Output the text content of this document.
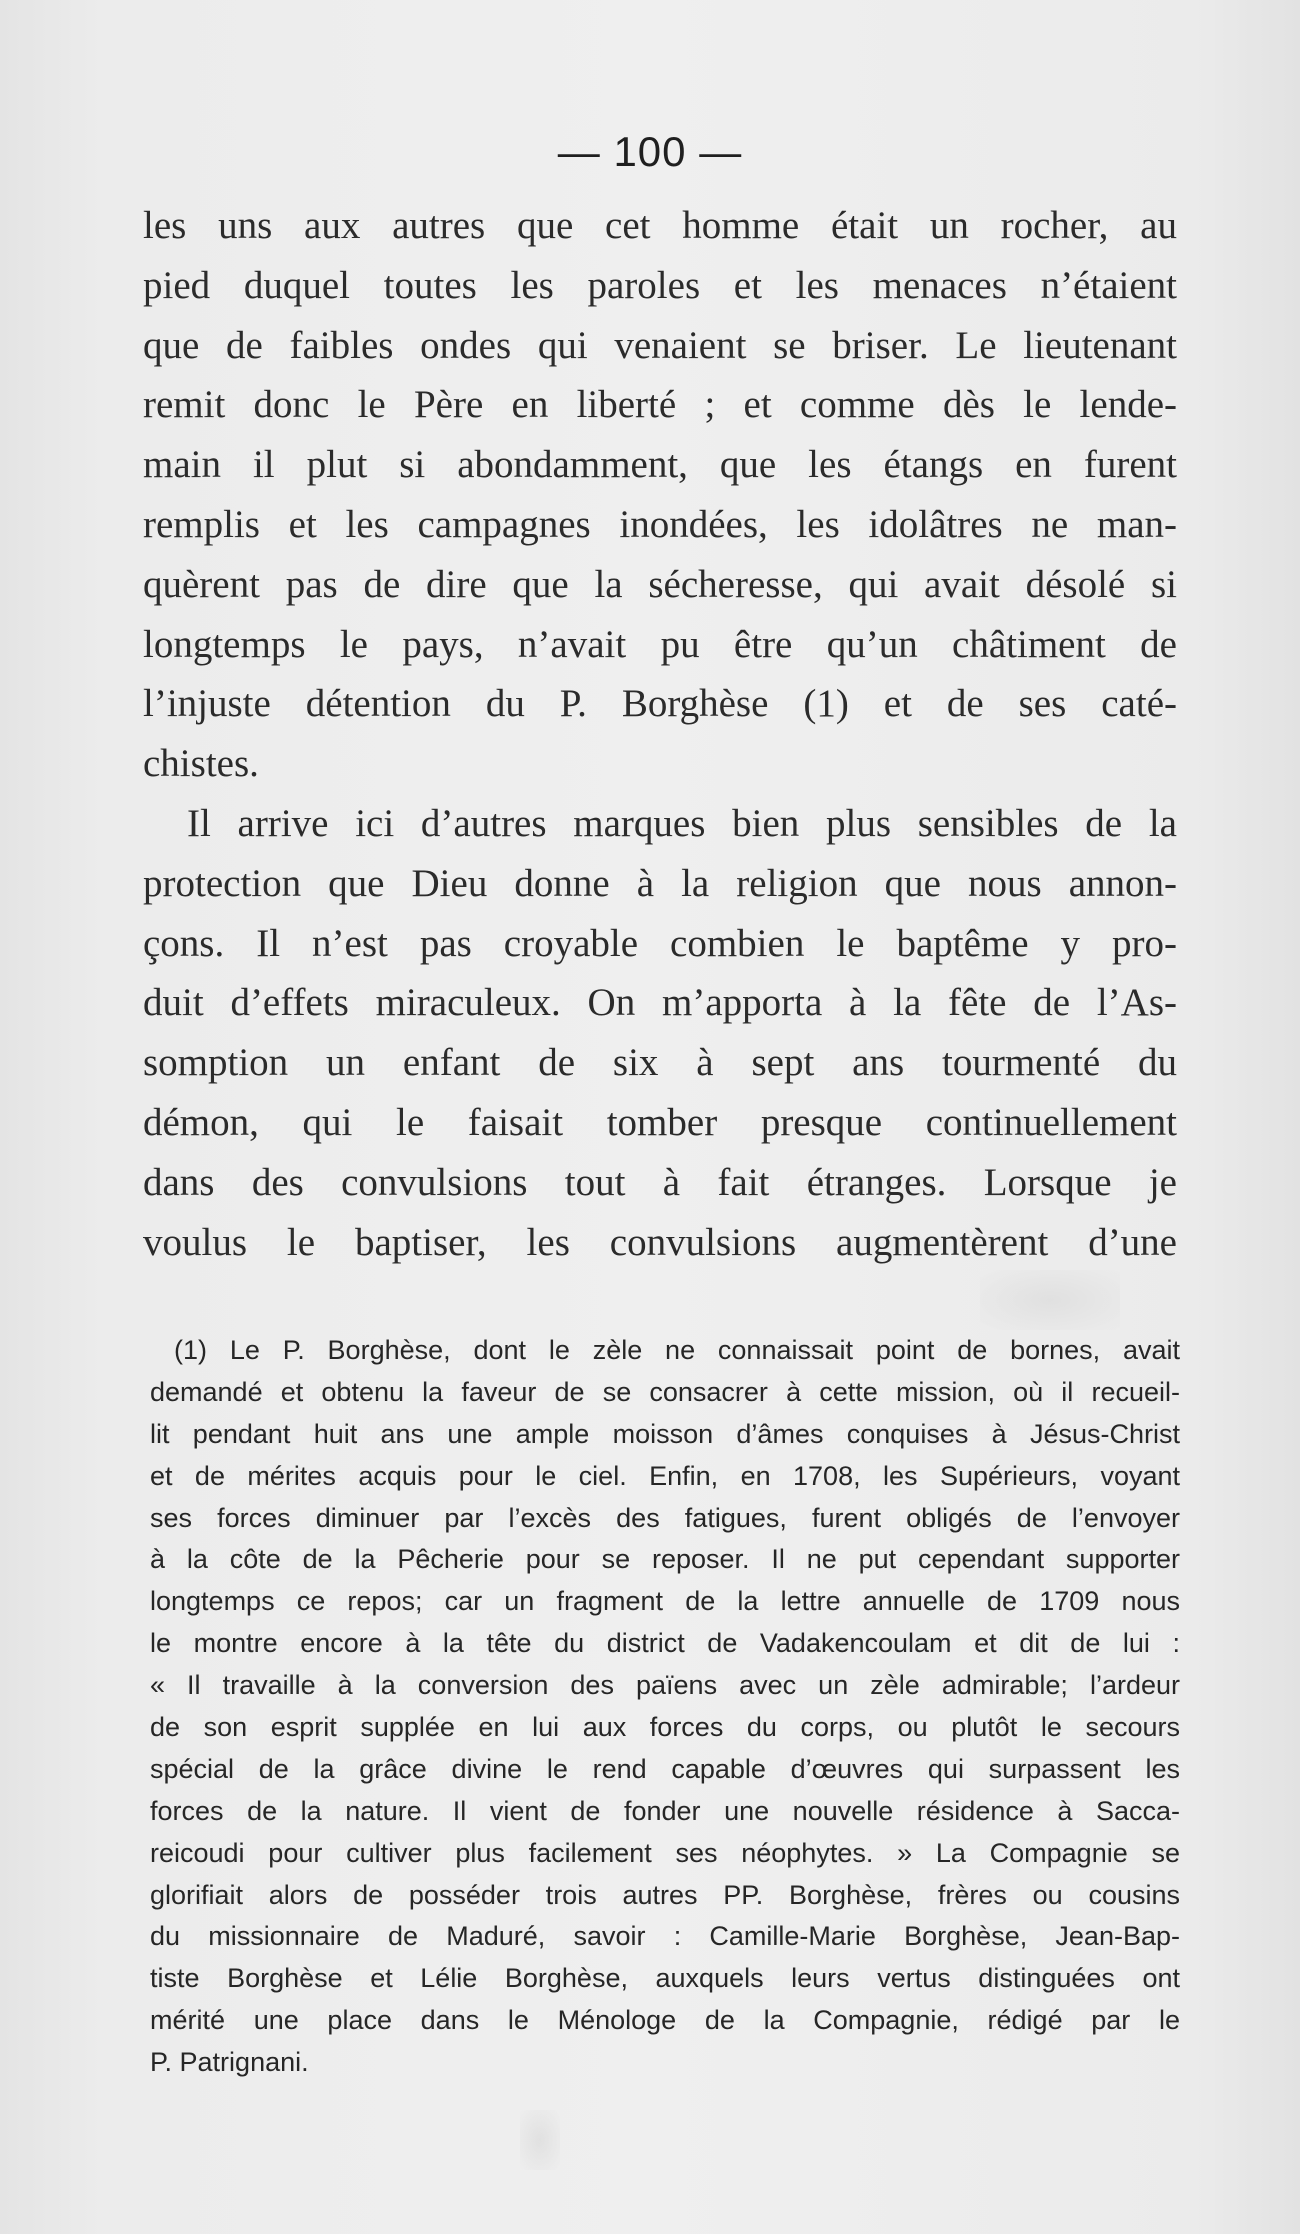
— 100 —
les uns aux autres que cet homme était un rocher, au
pied duquel toutes les paroles et les menaces n’étaient
que de faibles ondes qui venaient se briser. Le lieutenant
remit donc le Père en liberté ; et comme dès le lende-
main il plut si abondamment, que les étangs en furent
remplis et les campagnes inondées, les idolâtres ne man-
quèrent pas de dire que la sécheresse, qui avait désolé si
longtemps le pays, n’avait pu être qu’un châtiment de
l’injuste détention du P. Borghèse (1) et de ses caté-
chistes.
Il arrive ici d’autres marques bien plus sensibles de la
protection que Dieu donne à la religion que nous annon-
çons. Il n’est pas croyable combien le baptême y pro-
duit d’effets miraculeux. On m’apporta à la fête de l’As-
somption un enfant de six à sept ans tourmenté du
démon, qui le faisait tomber presque continuellement
dans des convulsions tout à fait étranges. Lorsque je
voulus le baptiser, les convulsions augmentèrent d’une
(1) Le P. Borghèse, dont le zèle ne connaissait point de bornes, avait
demandé et obtenu la faveur de se consacrer à cette mission, où il recueil-
lit pendant huit ans une ample moisson d’âmes conquises à Jésus-Christ
et de mérites acquis pour le ciel. Enfin, en 1708, les Supérieurs, voyant
ses forces diminuer par l’excès des fatigues, furent obligés de l’envoyer
à la côte de la Pêcherie pour se reposer. Il ne put cependant supporter
longtemps ce repos; car un fragment de la lettre annuelle de 1709 nous
le montre encore à la tête du district de Vadakencoulam et dit de lui :
« Il travaille à la conversion des païens avec un zèle admirable; l’ardeur
de son esprit supplée en lui aux forces du corps, ou plutôt le secours
spécial de la grâce divine le rend capable d’œuvres qui surpassent les
forces de la nature. Il vient de fonder une nouvelle résidence à Sacca-
reicoudi pour cultiver plus facilement ses néophytes. » La Compagnie se
glorifiait alors de posséder trois autres PP. Borghèse, frères ou cousins
du missionnaire de Maduré, savoir : Camille-Marie Borghèse, Jean-Bap-
tiste Borghèse et Lélie Borghèse, auxquels leurs vertus distinguées ont
mérité une place dans le Ménologe de la Compagnie, rédigé par le
P. Patrignani.
